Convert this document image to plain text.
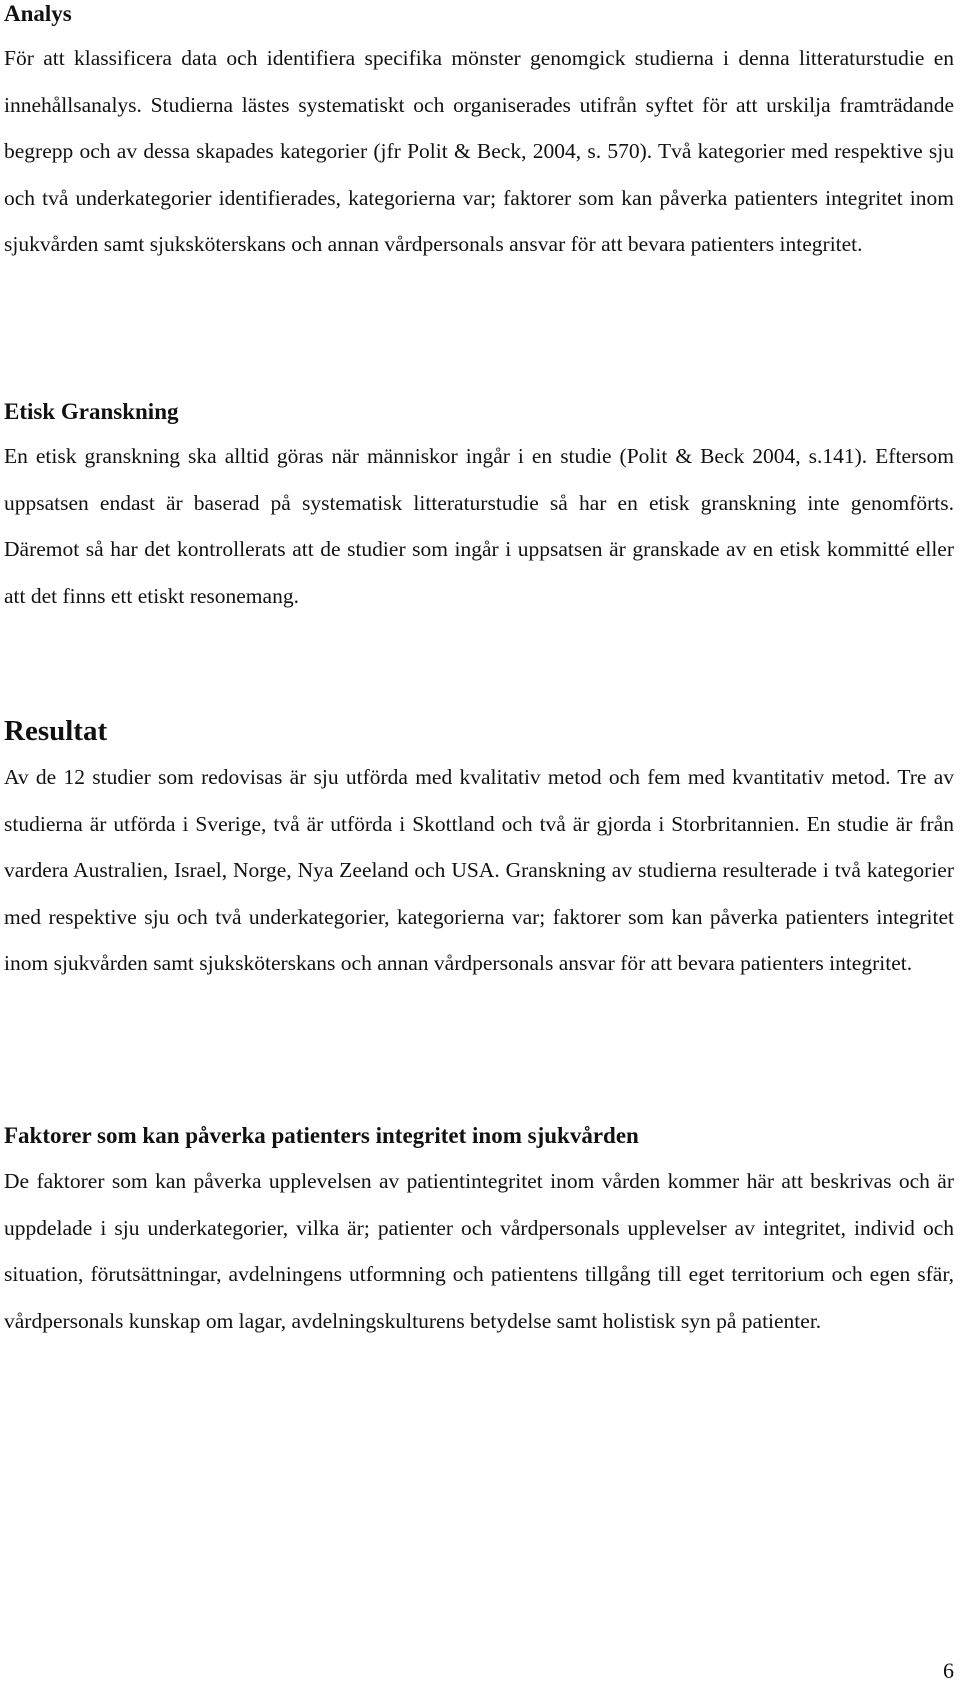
Analys

För att klassificera data och identifiera specifika mönster genomgick studierna i denna litteraturstudie en innehållsanalys. Studierna lästes systematiskt och organiserades utifrån syftet för att urskilja framträdande begrepp och av dessa skapades kategorier (jfr Polit & Beck, 2004, s. 570). Två kategorier med respektive sju och två underkategorier identifierades, kategorierna var; faktorer som kan påverka patienters integritet inom sjukvården samt sjuksköterskans och annan vårdpersonals ansvar för att bevara patienters integritet.

Etisk Granskning

En etisk granskning ska alltid göras när människor ingår i en studie (Polit & Beck 2004, s.141). Eftersom uppsatsen endast är baserad på systematisk litteraturstudie så har en etisk granskning inte genomförts. Däremot så har det kontrollerats att de studier som ingår i uppsatsen är granskade av en etisk kommitté eller att det finns ett etiskt resonemang.

Resultat

Av de 12 studier som redovisas är sju utförda med kvalitativ metod och fem med kvantitativ metod. Tre av studierna är utförda i Sverige, två är utförda i Skottland och två är gjorda i Storbritannien. En studie är från vardera Australien, Israel, Norge, Nya Zeeland och USA. Granskning av studierna resulterade i två kategorier med respektive sju och två underkategorier, kategorierna var; faktorer som kan påverka patienters integritet inom sjukvården samt sjuksköterskans och annan vårdpersonals ansvar för att bevara patienters integritet.

Faktorer som kan påverka patienters integritet inom sjukvården

De faktorer som kan påverka upplevelsen av patientintegritet inom vården kommer här att beskrivas och är uppdelade i sju underkategorier, vilka är; patienter och vårdpersonals upplevelser av integritet, individ och situation, förutsättningar, avdelningens utformning och patientens tillgång till eget territorium och egen sfär, vårdpersonals kunskap om lagar, avdelningskulturens betydelse samt holistisk syn på patienter.

6
